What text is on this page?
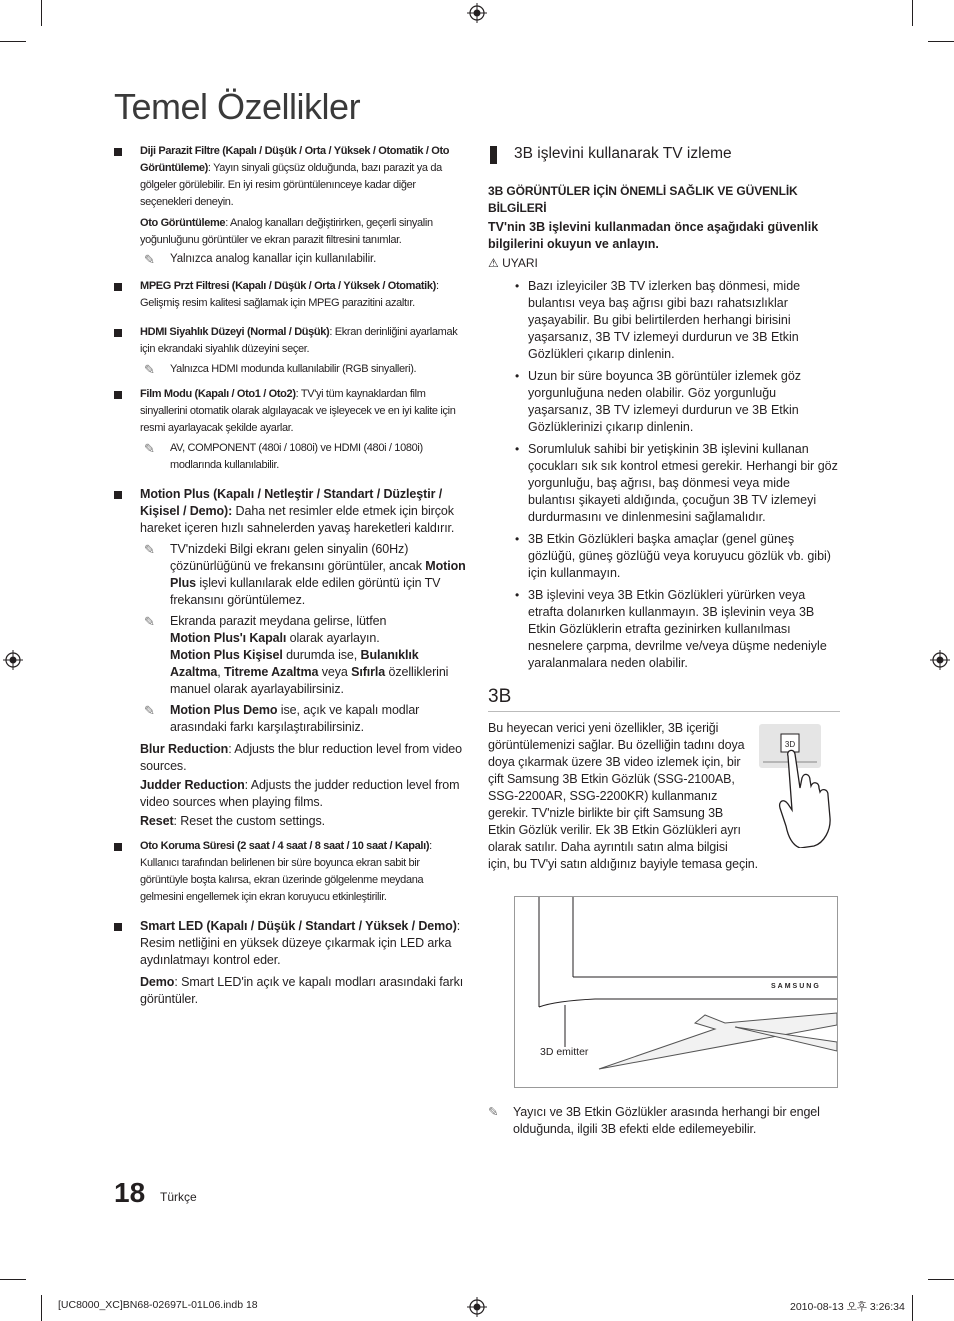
Temel Özellikler
Diji Parazit Filtre (Kapalı / Düşük / Orta / Yüksek / Otomatik / Oto Görüntüleme): Yayın sinyali güçsüz olduğunda, bazı parazit ya da gölgeler görülebilir. En iyi resim görüntülenınceye kadar diğer seçenekleri deneyin.
Oto Görüntüleme: Analog kanalları değiştirirken, geçerli sinyalin yoğunluğunu görüntüler ve ekran parazit filtresini tanımlar.
✎ Yalnızca analog kanallar için kullanılabilir.
MPEG Przt Filtresi (Kapalı / Düşük / Orta / Yüksek / Otomatik): Gelişmiş resim kalitesi sağlamak için MPEG parazitini azaltır.
HDMI Siyahlık Düzeyi (Normal / Düşük): Ekran derinliğini ayarlamak için ekrandaki siyahlık düzeyini seçer.
✎ Yalnızca HDMI modunda kullanılabilir (RGB sinyalleri).
Film Modu (Kapalı / Oto1 / Oto2): TV'yi tüm kaynaklardan film sinyallerini otomatik olarak algılayacak ve işleyecek ve en iyi kalite için resmi ayarlayacak şekilde ayarlar.
✎ AV, COMPONENT (480i / 1080i) ve HDMI (480i / 1080i) modlarında kullanılabilir.
Motion Plus (Kapalı / Netleştir / Standart / Düzleştir / Kişisel / Demo): Daha net resimler elde etmek için birçok hareket içeren hızlı sahnelerden yavaş hareketleri kaldırır.
✎ TV'nizdeki Bilgi ekranı gelen sinyalin (60Hz) çözünürlüğünü ve frekansını görüntüler, ancak Motion Plus işlevi kullanılarak elde edilen görüntü için TV frekansını görüntülemez.
✎ Ekranda parazit meydana gelirse, lütfen
Motion Plus'ı Kapalı olarak ayarlayın.
Motion Plus Kişisel durumda ise, Bulanıklık Azaltma, Titreme Azaltma veya Sıfırla özelliklerini manuel olarak ayarlayabilirsiniz.
✎ Motion Plus Demo ise, açık ve kapalı modlar arasındaki farkı karşılaştırabilirsiniz.
Blur Reduction: Adjusts the blur reduction level from video sources.
Judder Reduction: Adjusts the judder reduction level from video sources when playing films.
Reset: Reset the custom settings.
Oto Koruma Süresi (2 saat / 4 saat / 8 saat / 10 saat / Kapalı): Kullanıcı tarafından belirlenen bir süre boyunca ekran sabit bir görüntüyle boşta kalırsa, ekran üzerinde gölgelenme meydana gelmesini engellemek için ekran koruyucu etkinleştirilir.
Smart LED (Kapalı / Düşük / Standart / Yüksek / Demo): Resim netliğini en yüksek düzeye çıkarmak için LED arka aydınlatmayı kontrol eder.
Demo: Smart LED'in açık ve kapalı modları arasındaki farkı görüntüler.
3B işlevini kullanarak TV izleme
3B GÖRÜNTÜLER İÇİN ÖNEMLİ SAĞLIK VE GÜVENLİK BİLGİLERİ
TV'nin 3B işlevini kullanmadan önce aşağıdaki güvenlik bilgilerini okuyun ve anlayın.
⚠ UYARI
• Bazı izleyiciler 3B TV izlerken baş dönmesi, mide bulantısı veya baş ağrısı gibi bazı rahatsızlıklar yaşayabilir. Bu gibi belirtilerden herhangi birisini yaşarsanız, 3B TV izlemeyi durdurun ve 3B Etkin Gözlükleri çıkarıp dinlenin.
• Uzun bir süre boyunca 3B görüntüler izlemek göz yorgunluğuna neden olabilir. Göz yorgunluğu yaşarsanız, 3B TV izlemeyi durdurun ve 3B Etkin Gözlüklerinizi çıkarıp dinlenin.
• Sorumluluk sahibi bir yetişkinin 3B işlevini kullanan çocukları sık sık kontrol etmesi gerekir. Herhangi bir göz yorgunluğu, baş ağrısı, baş dönmesi veya mide bulantısı şikayeti aldığında, çocuğun 3B TV izlemeyi durdurmasını ve dinlenmesini sağlamalıdır.
• 3B Etkin Gözlükleri başka amaçlar (genel güneş gözlüğü, güneş gözlüğü veya koruyucu gözlük vb. gibi) için kullanmayın.
• 3B işlevini veya 3B Etkin Gözlükleri yürürken veya etrafta dolanırken kullanmayın. 3B işlevinin veya 3B Etkin Gözlüklerin etrafta gezinirken kullanılması nesnelere çarpma, devrilme ve/veya düşme nedeniyle yaralanmalara neden olabilir.
3B
Bu heyecan verici yeni özellikler, 3B içeriği görüntülemenizi sağlar. Bu özelliğin tadını doya doya çıkarmak üzere 3B video izlemek için, bir çift Samsung 3B Etkin Gözlük (SSG-2100AB, SSG-2200AR, SSG-2200KR) kullanmanız gerekir. TV'nizle birlikte bir çift Samsung 3B Etkin Gözlük verilir. Ek 3B Etkin Gözlükleri ayrı olarak satılır. Daha ayrıntılı satın alma bilgisi için, bu TV'yi satın aldığınız bayiyle temasa geçin.
3D
SAMSUNG
3D emitter
✎ Yayıcı ve 3B Etkin Gözlükler arasında herhangi bir engel olduğunda, ilgili 3B efekti elde edilemeyebilir.
18 Türkçe
[UC8000_XC]BN68-02697L-01L06.indb 18	2010-08-13 오후 3:26:34
